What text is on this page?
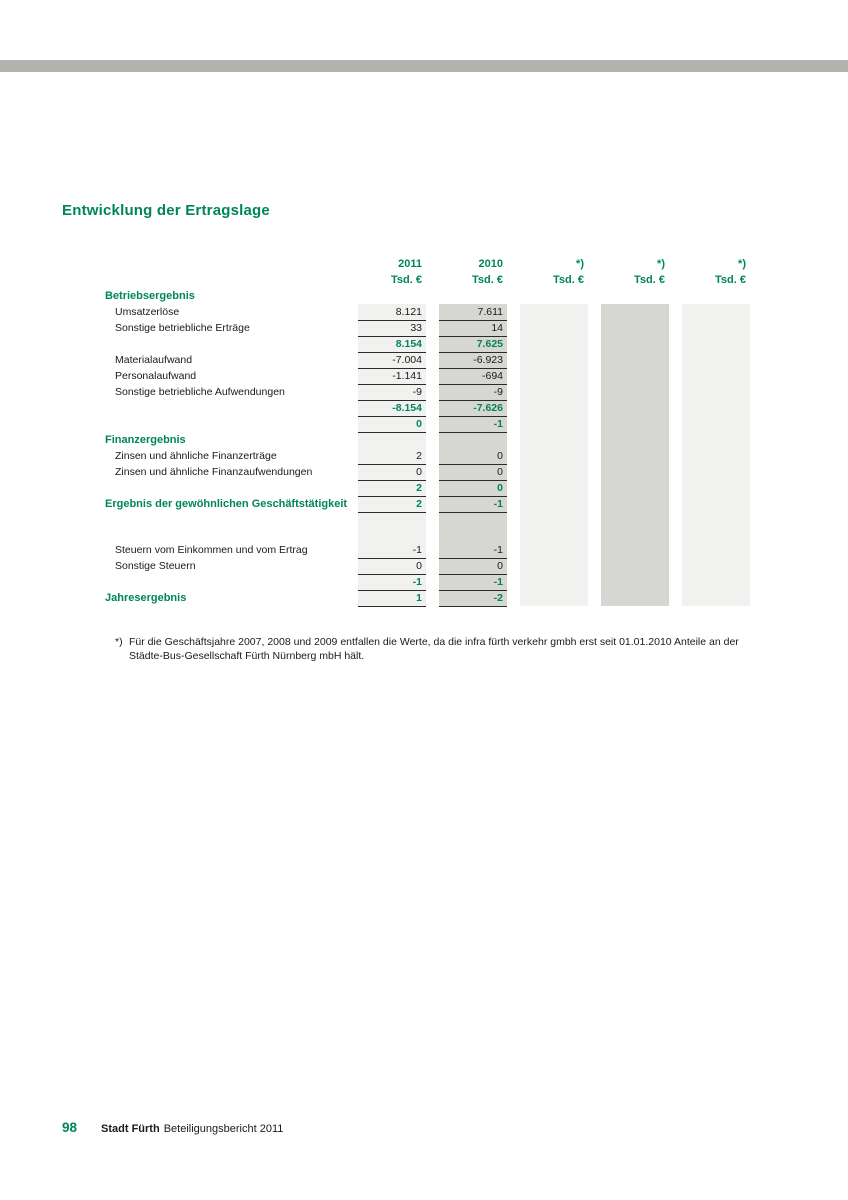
Entwicklung der Ertragslage
	2011		2010		*)		*)		*)
	Tsd. €		Tsd. €		Tsd. €		Tsd. €		Tsd. €
Betriebsergebnis									
Umsatzerlöse	8.121		7.611						
Sonstige betriebliche Erträge	33		14						
	8.154		7.625						
Materialaufwand	-7.004		-6.923						
Personalaufwand	-1.141		-694						
Sonstige betriebliche Aufwendungen	-9		-9						
	-8.154		-7.626						
	0		-1						
Finanzergebnis									
Zinsen und ähnliche Finanzerträge	2		0						
Zinsen und ähnliche Finanzaufwendungen	0		0						
	2		0						
Ergebnis der gewöhnlichen Geschäftstätigkeit	2		-1						

Steuern vom Einkommen und vom Ertrag	-1		-1						
Sonstige Steuern	0		0						
	-1		-1						
Jahresergebnis	1		-2						
*) Für die Geschäftsjahre 2007, 2008 und 2009 entfallen die Werte, da die infra fürth verkehr gmbh erst seit 01.01.2010 Anteile an der Städte-Bus-Gesellschaft Fürth Nürnberg mbH hält.
98 Stadt Fürth Beteiligungsbericht 2011
